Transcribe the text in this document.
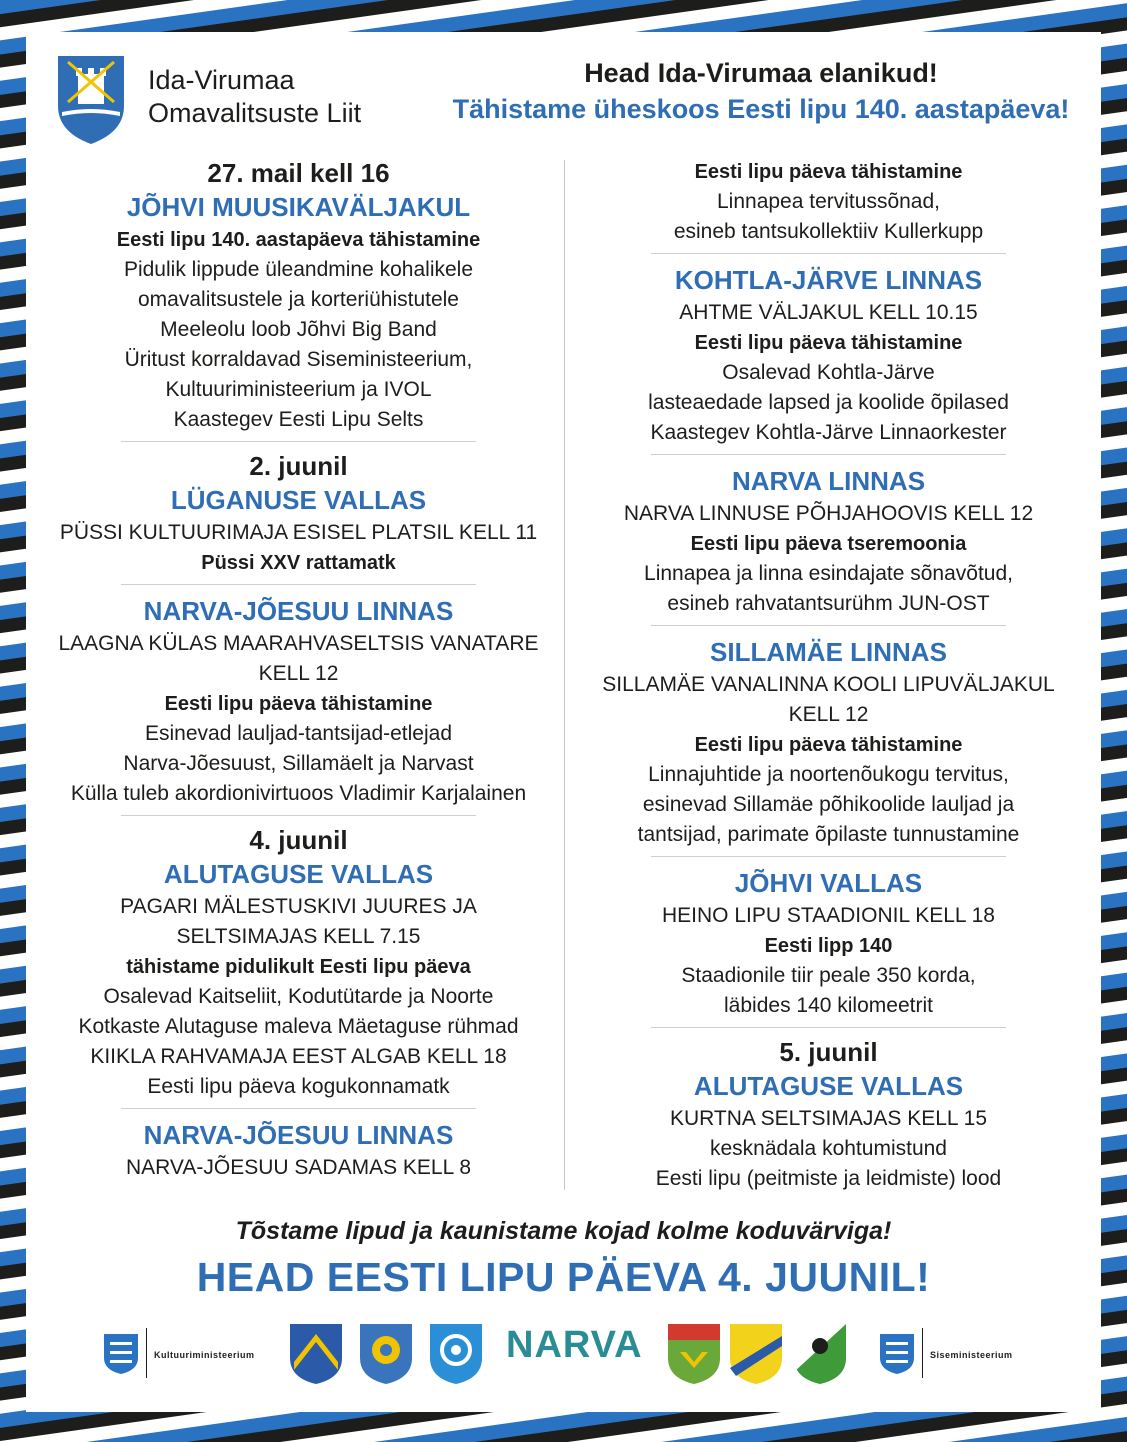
Ida-Virumaa
Omavalitsuste Liit
Head Ida-Virumaa elanikud!
Tähistame üheskoos Eesti lipu 140. aastapäeva!
27. mail kell 16
JÕHVI MUUSIKAVÄLJAKUL
Eesti lipu 140. aastapäeva tähistamine
Pidulik lippude üleandmine kohalikele
omavalitsustele ja korteriühistutele
Meeleolu loob Jõhvi Big Band
Üritust korraldavad Siseministeerium,
Kultuuriministeerium ja IVOL
Kaastegev Eesti Lipu Selts
2. juunil
LÜGANUSE VALLAS
PÜSSI KULTUURIMAJA ESISEL PLATSIL KELL 11
Püssi XXV rattamatk
NARVA-JÕESUU LINNAS
LAAGNA KÜLAS MAARAHVASELTSIS VANATARE
KELL 12
Eesti lipu päeva tähistamine
Esinevad lauljad-tantsijad-etlejad
Narva-Jõesuust, Sillamäelt ja Narvast
Külla tuleb akordionivirtuoos Vladimir Karjalainen
4. juunil
ALUTAGUSE VALLAS
PAGARI MÄLESTUSKIVI JUURES JA
SELTSIMAJAS KELL 7.15
tähistame pidulikult Eesti lipu päeva
Osalevad Kaitseliit, Kodutütarde ja Noorte
Kotkaste Alutaguse maleva Mäetaguse rühmad
KIIKLA RAHVAMAJA EEST ALGAB KELL 18
Eesti lipu päeva kogukonnamatk
NARVA-JÕESUU LINNAS
NARVA-JÕESUU SADAMAS KELL 8
Eesti lipu päeva tähistamine
Linnapea tervitussõnad,
esineb tantsukollektiiv Kullerkupp
KOHTLA-JÄRVE LINNAS
AHTME VÄLJAKUL KELL 10.15
Eesti lipu päeva tähistamine
Osalevad Kohtla-Järve
lasteaedade lapsed ja koolide õpilased
Kaastegev Kohtla-Järve Linnaorkester
NARVA LINNAS
NARVA LINNUSE PÕHJAHOOVIS KELL 12
Eesti lipu päeva tseremoonia
Linnapea ja linna esindajate sõnavõtud,
esineb rahvatantsurühm JUN-OST
SILLAMÄE LINNAS
SILLAMÄE VANALINNA KOOLI LIPUVÄLJAKUL
KELL 12
Eesti lipu päeva tähistamine
Linnajuhtide ja noortenõukogu tervitus,
esinevad Sillamäe põhikoolide lauljad ja
tantsijad, parimate õpilaste tunnustamine
JÕHVI VALLAS
HEINO LIPU STAADIONIL KELL 18
Eesti lipp 140
Staadionile tiir peale 350 korda,
läbides 140 kilomeetrit
5. juunil
ALUTAGUSE VALLAS
KURTNA SELTSIMAJAS KELL 15
kesknädala kohtumistund
Eesti lipu (peitmiste ja leidmiste) lood
Tõstame lipud ja kaunistame kojad kolme koduvärviga!
HEAD EESTI LIPU PÄEVA 4. JUUNIL!
Kultuuriministeerium	NARVA	Siseministeerium
